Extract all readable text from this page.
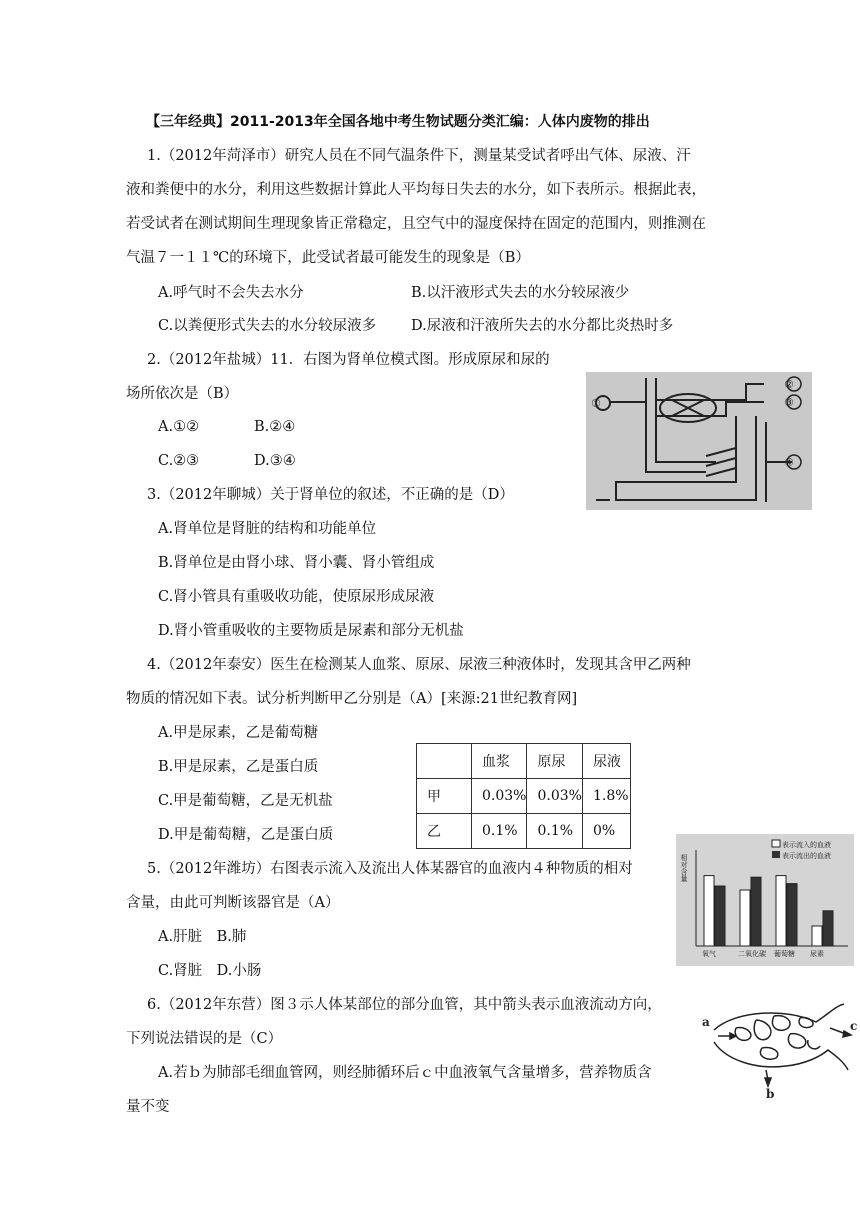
【三年经典】2011-2013年全国各地中考生物试题分类汇编：人体内废物的排出
1.（2012年菏泽市）研究人员在不同气温条件下，测量某受试者呼出气体、尿液、汗
液和粪便中的水分，利用这些数据计算此人平均每日失去的水分，如下表所示。根据此表，
若受试者在测试期间生理现象皆正常稳定，且空气中的湿度保持在固定的范围内，则推测在
气温７一１１℃的环境下，此受试者最可能发生的现象是（B）
A.呼气时不会失去水分	B.以汗液形式失去的水分较尿液少
C.以粪便形式失去的水分较尿液多 D.尿液和汗液所失去的水分都比炎热时多
2.（2012年盐城）11．右图为肾单位模式图。形成原尿和尿的
场所依次是（B）
A.①②	B.②④
C.②③	D.③④
①
②
③
④
3.（2012年聊城）关于肾单位的叙述，不正确的是（D）
A.肾单位是肾脏的结构和功能单位
B.肾单位是由肾小球、肾小囊、肾小管组成
C.肾小管具有重吸收功能，使原尿形成尿液
D.肾小管重吸收的主要物质是尿素和部分无机盐
4.（2012年泰安）医生在检测某人血浆、原尿、尿液三种液体时，发现其含甲乙两种
物质的情况如下表。试分析判断甲乙分别是（A）[来源:21世纪教育网]
A.甲是尿素，乙是葡萄糖
B.甲是尿素，乙是蛋白质
C.甲是葡萄糖，乙是无机盐
D.甲是葡萄糖，乙是蛋白质
	血浆	原尿	尿液
甲	0.03%	0.03%	1.8%
乙	0.1%	0.1%	0%
5.（2012年潍坊）右图表示流入及流出人体某器官的血液内４种物质的相对
含量，由此可判断该器官是（A）
A.肝脏　B.肺
C.肾脏　D.小肠
表示流入的血液
表示流出的血液
相对含量
氧气	二氧化碳 葡萄糖 尿素
6.（2012年东营）图３示人体某部位的部分血管，其中箭头表示血液流动方向，
下列说法错误的是（C）
A.若ｂ为肺部毛细血管网，则经肺循环后ｃ中血液氧气含量增多，营养物质含
量不变
a
b
c
